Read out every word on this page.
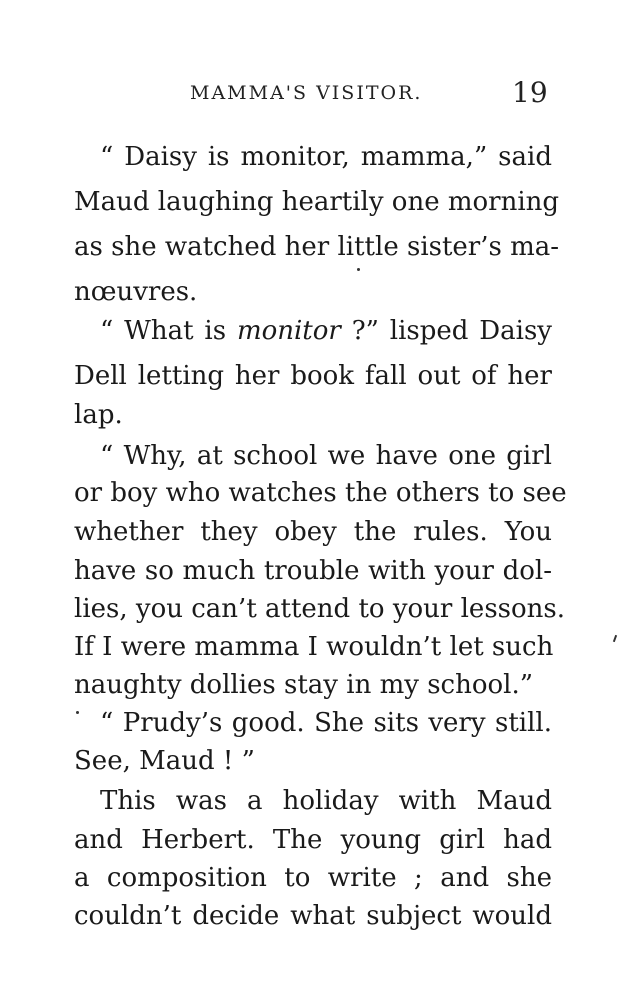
MAMMA'S VISITOR.	19
“ Daisy is monitor, mamma,” said
Maud laughing heartily one morning
as she watched her little sister’s ma-
nœuvres.
“ What is monitor ?” lisped Daisy
Dell letting her book fall out of her
lap.
“ Why, at school we have one girl
or boy who watches the others to see
whether they obey the rules. You
have so much trouble with your dol-
lies, you can’t attend to your lessons.
If I were mamma I wouldn’t let such
naughty dollies stay in my school.”
“ Prudy’s good. She sits very still.
See, Maud ! ”
This was a holiday with Maud
and Herbert. The young girl had
a composition to write ; and she
couldn’t decide what subject would
